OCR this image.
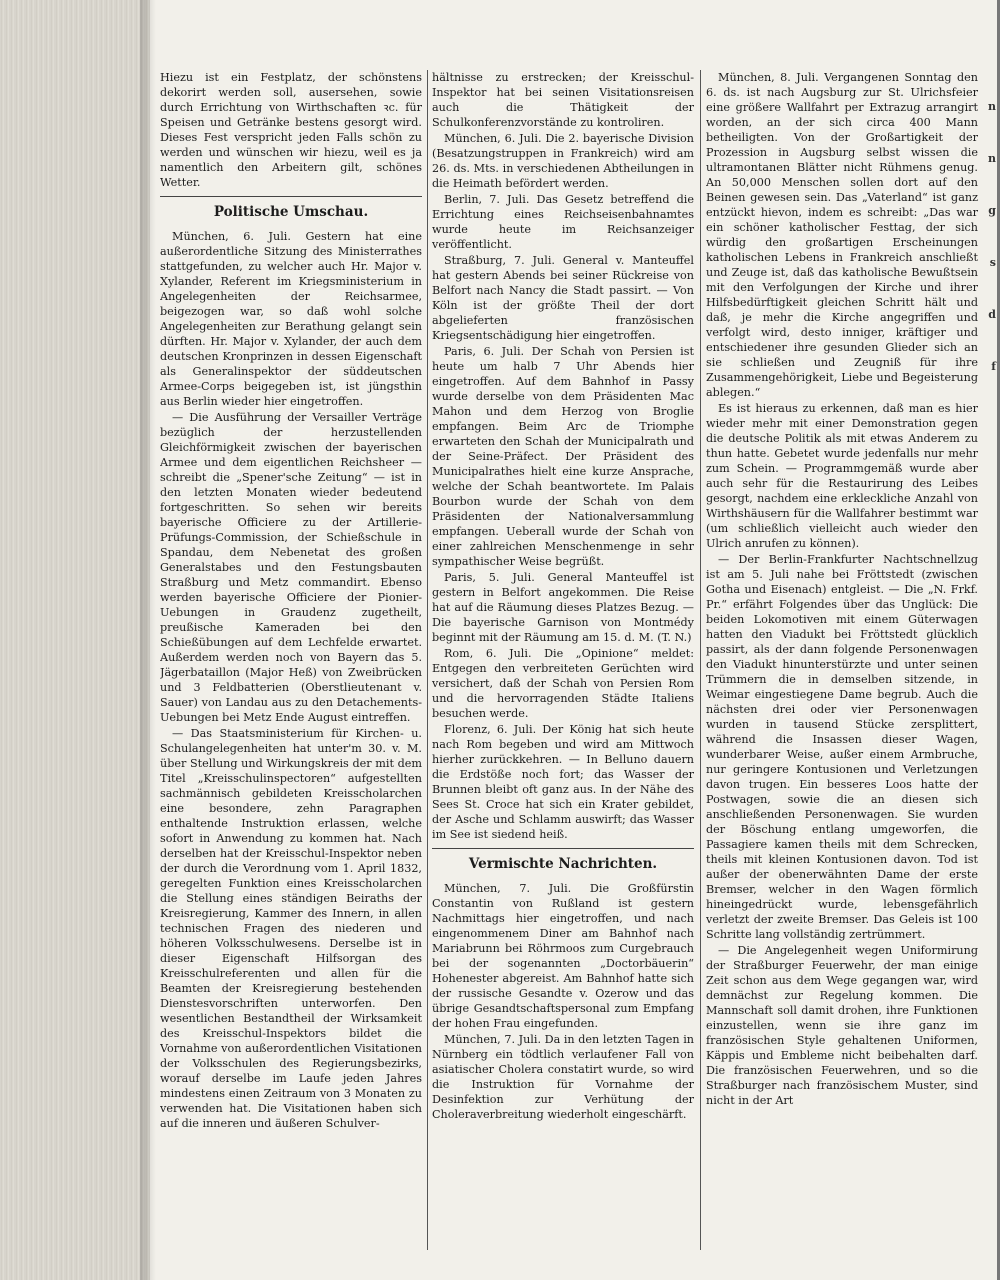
Hiezu ist ein Festplatz, der schönstens dekorirt werden soll, ausersehen, sowie durch Errichtung von Wirthschaften ꝛc. für Speisen und Getränke bestens gesorgt wird. Dieses Fest verspricht jeden Falls schön zu werden und wünschen wir hiezu, weil es ja namentlich den Arbeitern gilt, schönes Wetter.

Politische Umschau.

München, 6. Juli. Gestern hat eine außerordentliche Sitzung des Ministerrathes stattgefunden, zu welcher auch Hr. Major v. Xylander, Referent im Kriegsministerium in Angelegenheiten der Reichsarmee, beigezogen war, so daß wohl solche Angelegenheiten zur Berathung gelangt sein dürften. Hr. Major v. Xylander, der auch dem deutschen Kronprinzen in dessen Eigenschaft als Generalinspektor der süddeutschen Armee-Corps beigegeben ist, ist jüngsthin aus Berlin wieder hier eingetroffen.

— Die Ausführung der Versailler Verträge bezüglich der herzustellenden Gleichförmigkeit zwischen der bayerischen Armee und dem eigentlichen Reichsheer — schreibt die „Spener'sche Zeitung“ — ist in den letzten Monaten wieder bedeutend fortgeschritten. So sehen wir bereits bayerische Officiere zu der Artillerie-Prüfungs-Commission, der Schießschule in Spandau, dem Nebenetat des großen Generalstabes und den Festungsbauten Straßburg und Metz commandirt. Ebenso werden bayerische Officiere der Pionier-Uebungen in Graudenz zugetheilt, preußische Kameraden bei den Schießübungen auf dem Lechfelde erwartet. Außerdem werden noch von Bayern das 5. Jägerbataillon (Major Heß) von Zweibrücken und 3 Feldbatterien (Oberstlieutenant v. Sauer) von Landau aus zu den Detachements-Uebungen bei Metz Ende August eintreffen.

— Das Staatsministerium für Kirchen- u. Schulangelegenheiten hat unter'm 30. v. M. über Stellung und Wirkungskreis der mit dem Titel „Kreisschulinspectoren“ aufgestellten sachmännisch gebildeten Kreisscholarchen eine besondere, zehn Paragraphen enthaltende Instruktion erlassen, welche sofort in Anwendung zu kommen hat. Nach derselben hat der Kreisschul-Inspektor neben der durch die Verordnung vom 1. April 1832, geregelten Funktion eines Kreisscholarchen die Stellung eines ständigen Beiraths der Kreisregierung, Kammer des Innern, in allen technischen Fragen des niederen und höheren Volksschulwesens. Derselbe ist in dieser Eigenschaft Hilfsorgan des Kreisschulreferenten und allen für die Beamten der Kreisregierung bestehenden Dienstesvorschriften unterworfen. Den wesentlichen Bestandtheil der Wirksamkeit des Kreisschul-Inspektors bildet die Vornahme von außerordentlichen Visitationen der Volksschulen des Regierungsbezirks, worauf derselbe im Laufe jeden Jahres mindestens einen Zeitraum von 3 Monaten zu verwenden hat. Die Visitationen haben sich auf die inneren und äußeren Schulver-

hältnisse zu erstrecken; der Kreisschul-Inspektor hat bei seinen Visitationsreisen auch die Thätigkeit der Schulkonferenzvorstände zu kontroliren.

München, 6. Juli. Die 2. bayerische Division (Besatzungstruppen in Frankreich) wird am 26. ds. Mts. in verschiedenen Abtheilungen in die Heimath befördert werden.

Berlin, 7. Juli. Das Gesetz betreffend die Errichtung eines Reichseisenbahnamtes wurde heute im Reichsanzeiger veröffentlicht.

Straßburg, 7. Juli. General v. Manteuffel hat gestern Abends bei seiner Rückreise von Belfort nach Nancy die Stadt passirt. — Von Köln ist der größte Theil der dort abgelieferten französischen Kriegsentschädigung hier eingetroffen.

Paris, 6. Juli. Der Schah von Persien ist heute um halb 7 Uhr Abends hier eingetroffen. Auf dem Bahnhof in Passy wurde derselbe von dem Präsidenten Mac Mahon und dem Herzog von Broglie empfangen. Beim Arc de Triomphe erwarteten den Schah der Municipalrath und der Seine-Präfect. Der Präsident des Municipalrathes hielt eine kurze Ansprache, welche der Schah beantwortete. Im Palais Bourbon wurde der Schah von dem Präsidenten der Nationalversammlung empfangen. Ueberall wurde der Schah von einer zahlreichen Menschenmenge in sehr sympathischer Weise begrüßt.

Paris, 5. Juli. General Manteuffel ist gestern in Belfort angekommen. Die Reise hat auf die Räumung dieses Platzes Bezug. — Die bayerische Garnison von Montmédy beginnt mit der Räumung am 15. d. M. (T. N.)

Rom, 6. Juli. Die „Opinione“ meldet: Entgegen den verbreiteten Gerüchten wird versichert, daß der Schah von Persien Rom und die hervorragenden Städte Italiens besuchen werde.

Florenz, 6. Juli. Der König hat sich heute nach Rom begeben und wird am Mittwoch hierher zurückkehren. — In Belluno dauern die Erdstöße noch fort; das Wasser der Brunnen bleibt oft ganz aus. In der Nähe des Sees St. Croce hat sich ein Krater gebildet, der Asche und Schlamm auswirft; das Wasser im See ist siedend heiß.

Vermischte Nachrichten.

München, 7. Juli. Die Großfürstin Constantin von Rußland ist gestern Nachmittags hier eingetroffen, und nach eingenommenem Diner am Bahnhof nach Mariabrunn bei Röhrmoos zum Curgebrauch bei der sogenannten „Doctorbäuerin“ Hohenester abgereist. Am Bahnhof hatte sich der russische Gesandte v. Ozerow und das übrige Gesandtschaftspersonal zum Empfang der hohen Frau eingefunden.

München, 7. Juli. Da in den letzten Tagen in Nürnberg ein tödtlich verlaufener Fall von asiatischer Cholera constatirt wurde, so wird die Instruktion für Vornahme der Desinfektion zur Verhütung der Choleraverbreitung wiederholt eingeschärft.

München, 8. Juli. Vergangenen Sonntag den 6. ds. ist nach Augsburg zur St. Ulrichsfeier eine größere Wallfahrt per Extrazug arrangirt worden, an der sich circa 400 Mann betheiligten. Von der Großartigkeit der Prozession in Augsburg selbst wissen die ultramontanen Blätter nicht Rühmens genug. An 50,000 Menschen sollen dort auf den Beinen gewesen sein. Das „Vaterland“ ist ganz entzückt hievon, indem es schreibt: „Das war ein schöner katholischer Festtag, der sich würdig den großartigen Erscheinungen katholischen Lebens in Frankreich anschließt und Zeuge ist, daß das katholische Bewußtsein mit den Verfolgungen der Kirche und ihrer Hilfsbedürftigkeit gleichen Schritt hält und daß, je mehr die Kirche angegriffen und verfolgt wird, desto inniger, kräftiger und entschiedener ihre gesunden Glieder sich an sie schließen und Zeugniß für ihre Zusammengehörigkeit, Liebe und Begeisterung ablegen.“

Es ist hieraus zu erkennen, daß man es hier wieder mehr mit einer Demonstration gegen die deutsche Politik als mit etwas Anderem zu thun hatte. Gebetet wurde jedenfalls nur mehr zum Schein. — Programmgemäß wurde aber auch sehr für die Restaurirung des Leibes gesorgt, nachdem eine erkleckliche Anzahl von Wirthshäusern für die Wallfahrer bestimmt war (um schließlich vielleicht auch wieder den Ulrich anrufen zu können).

— Der Berlin-Frankfurter Nachtschnellzug ist am 5. Juli nahe bei Fröttstedt (zwischen Gotha und Eisenach) entgleist. — Die „N. Frkf. Pr.“ erfährt Folgendes über das Unglück: Die beiden Lokomotiven mit einem Güterwagen hatten den Viadukt bei Fröttstedt glücklich passirt, als der dann folgende Personenwagen den Viadukt hinunterstürzte und unter seinen Trümmern die in demselben sitzende, in Weimar eingestiegene Dame begrub. Auch die nächsten drei oder vier Personenwagen wurden in tausend Stücke zersplittert, während die Insassen dieser Wagen, wunderbarer Weise, außer einem Armbruche, nur geringere Kontusionen und Verletzungen davon trugen. Ein besseres Loos hatte der Postwagen, sowie die an diesen sich anschließenden Personenwagen. Sie wurden der Böschung entlang umgeworfen, die Passagiere kamen theils mit dem Schrecken, theils mit kleinen Kontusionen davon. Tod ist außer der obenerwähnten Dame der erste Bremser, welcher in den Wagen förmlich hineingedrückt wurde, lebensgefährlich verletzt der zweite Bremser. Das Geleis ist 100 Schritte lang vollständig zertrümmert.

— Die Angelegenheit wegen Uniformirung der Straßburger Feuerwehr, der man einige Zeit schon aus dem Wege gegangen war, wird demnächst zur Regelung kommen. Die Mannschaft soll damit drohen, ihre Funktionen einzustellen, wenn sie ihre ganz im französischen Style gehaltenen Uniformen, Käppis und Embleme nicht beibehalten darf. Die französischen Feuerwehren, und so die Straßburger nach französischem Muster, sind nicht in der Art

n
n
g
s
d
f
